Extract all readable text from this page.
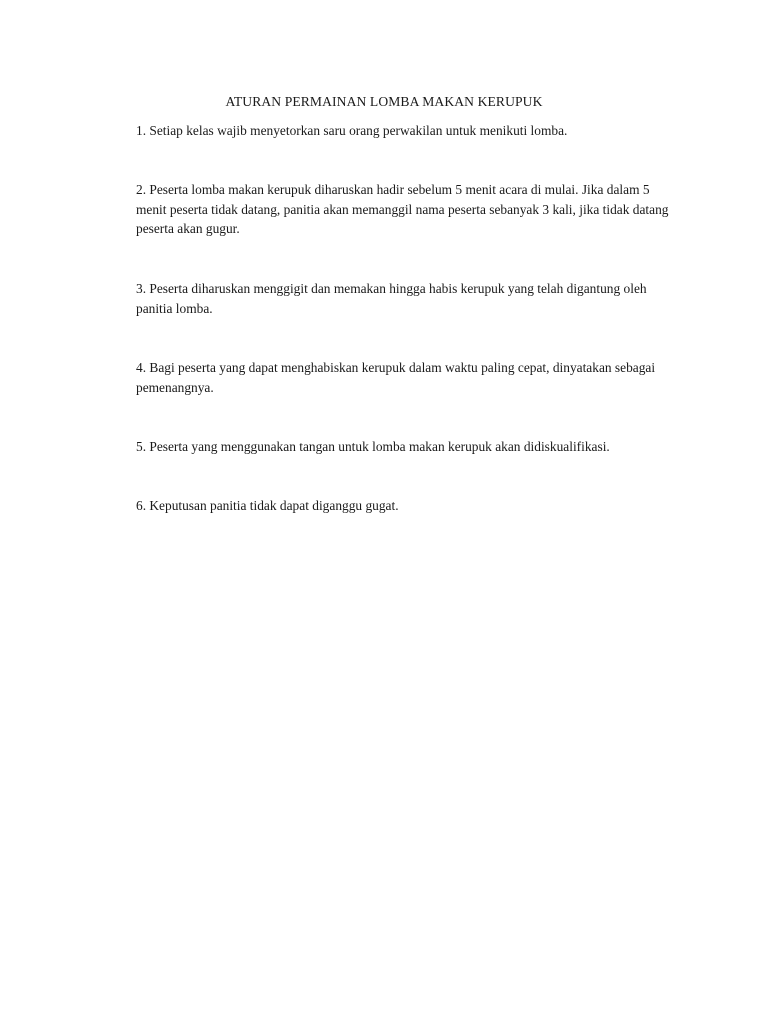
ATURAN PERMAINAN LOMBA MAKAN KERUPUK
1. Setiap kelas wajib menyetorkan saru orang perwakilan untuk menikuti lomba.
2. Peserta lomba makan kerupuk diharuskan hadir sebelum 5 menit acara di mulai. Jika dalam 5 menit peserta tidak datang, panitia akan memanggil nama peserta sebanyak 3 kali, jika tidak datang peserta akan gugur.
3. Peserta diharuskan menggigit dan memakan hingga habis kerupuk yang telah digantung oleh panitia lomba.
4. Bagi peserta yang dapat menghabiskan kerupuk dalam waktu paling cepat, dinyatakan sebagai pemenangnya.
5. Peserta yang menggunakan tangan untuk lomba makan kerupuk akan didiskualifikasi.
6. Keputusan panitia tidak dapat diganggu gugat.
